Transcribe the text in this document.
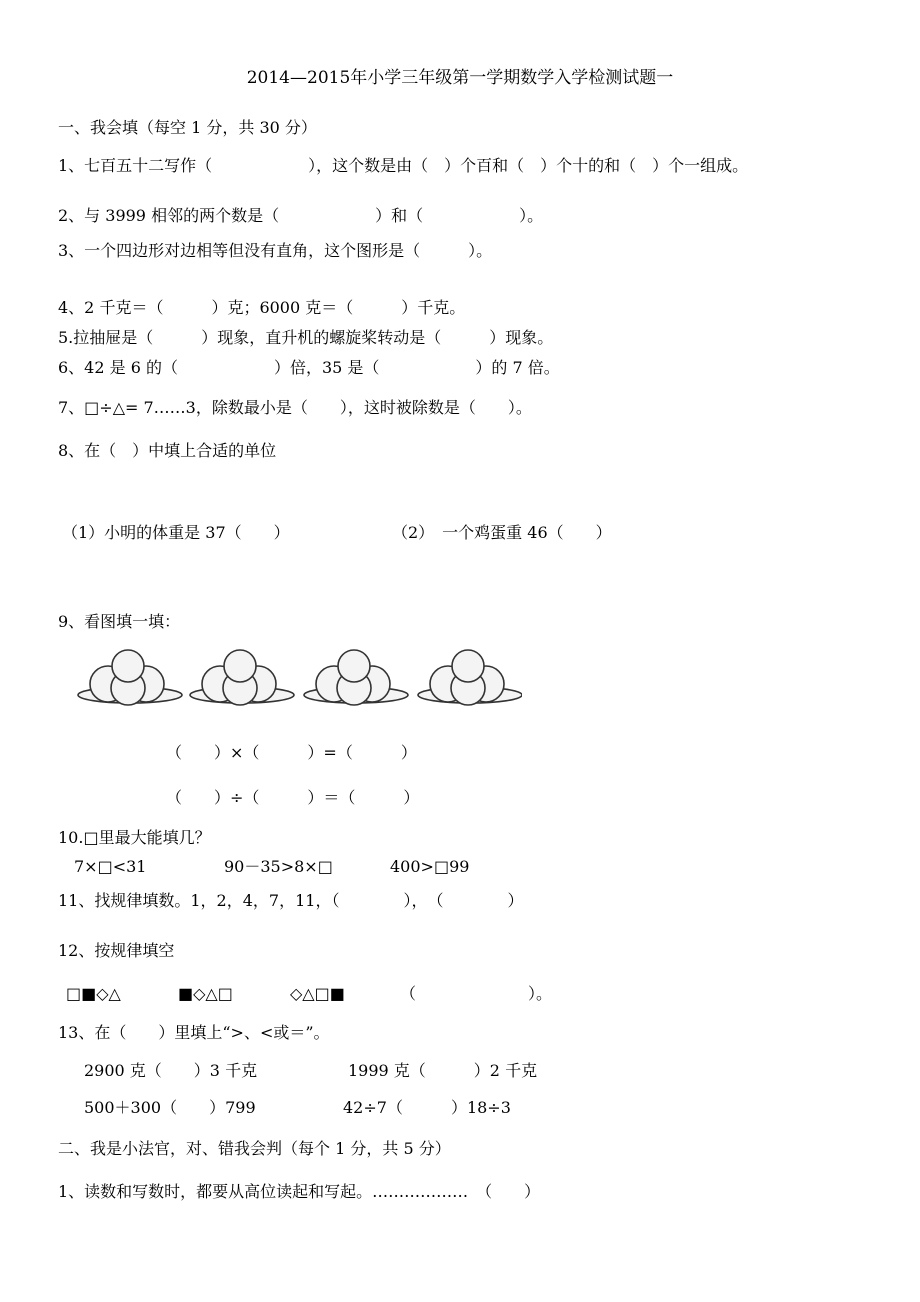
2014—2015年小学三年级第一学期数学入学检测试题一
一、我会填（每空 1 分，共 30 分）
1、七百五十二写作（　　　　　　），这个数是由（　）个百和（　）个十的和（　）个一组成。
2、与 3999 相邻的两个数是（　　　　　　）和（　　　　　　）。
3、一个四边形对边相等但没有直角，这个图形是（　　　）。
4、2 千克＝（　　　）克；6000 克＝（　　　）千克。
5.拉抽屉是（　　　）现象，直升机的螺旋桨转动是（　　　）现象。
6、42 是 6 的（　　　　　　）倍，35 是（　　　　　　）的 7 倍。
7、□÷△= 7……3，除数最小是（　　），这时被除数是（　　）。
8、在（　）中填上合适的单位
（1）小明的体重是 37（　　）	（2）　一个鸡蛋重 46（　　）
9、看图填一填：
（　　）×（　　　）=（　　　）
（　　）÷（　　　）＝（　　　）
10.□里最大能填几？
7×□<31	90－35>8×□	400>□99
11、找规律填数。1，2，4，7，11，（　　　　），　（　　　　）
12、按规律填空
□■◇△	■◇△□	◇△□■	（　　　　　　　）。
13、在（　　）里填上“>、<或＝”。
2900 克（　　）3 千克	1999 克（　　　）2 千克
500＋300（　　）799	42÷7（　　　）18÷3
二、我是小法官，对、错我会判（每个 1 分，共 5 分）
1、读数和写数时，都要从高位读起和写起。………………　（　　）
